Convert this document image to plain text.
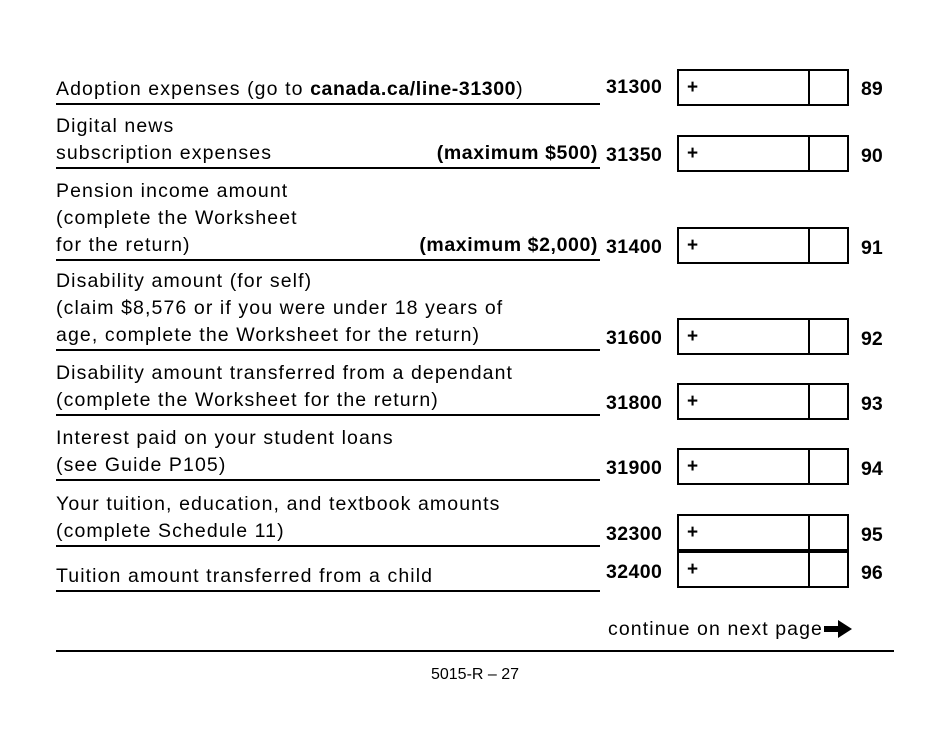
Adoption expenses (go to canada.ca/line-31300)	31300	+	89
Digital news
subscription expenses	(maximum $500) 31350	+	90
Pension income amount
(complete the Worksheet
for the return)	(maximum $2,000) 31400	+	91
Disability amount (for self)
(claim $8,576 or if you were under 18 years of
age, complete the Worksheet for the return)	31600	+	92
Disability amount transferred from a dependant
(complete the Worksheet for the return)	31800	+	93
Interest paid on your student loans
(see Guide P105)	31900	+	94
Your tuition, education, and textbook amounts
(complete Schedule 11)	32300	+	95
Tuition amount transferred from a child	32400	+	96
continue on next page
5015-R – 27
